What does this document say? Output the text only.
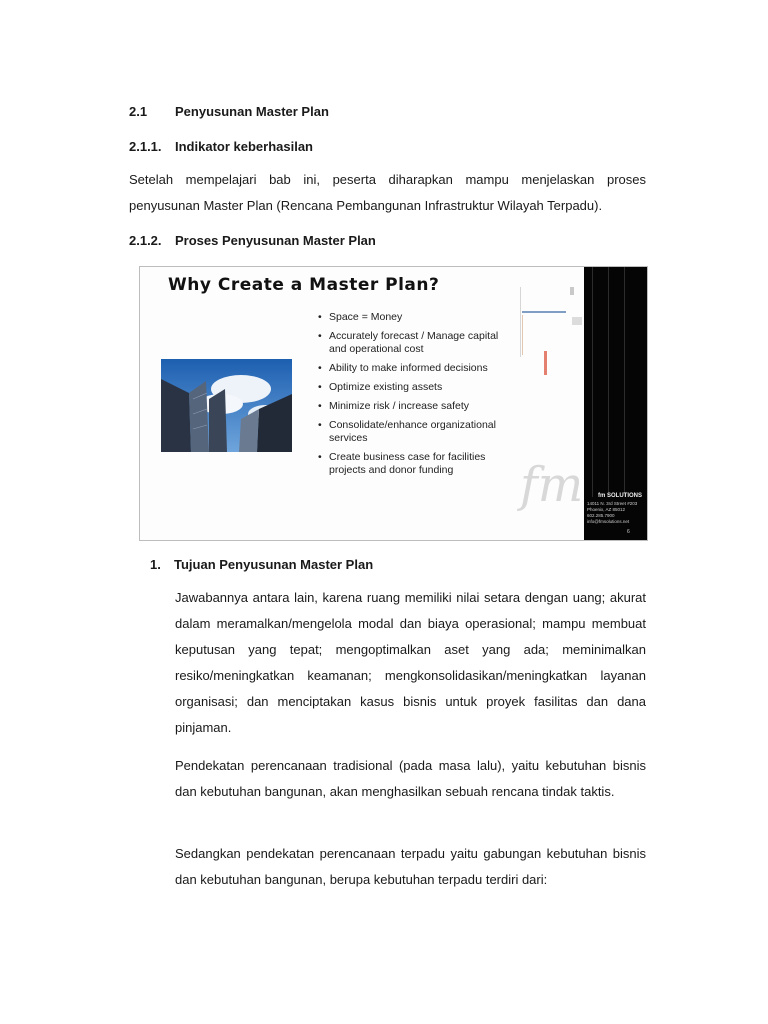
2.1 Penyusunan Master Plan
2.1.1. Indikator keberhasilan
Setelah mempelajari bab ini, peserta diharapkan mampu menjelaskan proses penyusunan Master Plan (Rencana Pembangunan Infrastruktur Wilayah Terpadu).
2.1.2. Proses Penyusunan Master Plan
Why Create a Master Plan?
• Space = Money
• Accurately forecast / Manage capital and operational cost
• Ability to make informed decisions
• Optimize existing assets
• Minimize risk / increase safety
• Consolidate/enhance organizational services
• Create business case for facilities projects and donor funding	fm fm SOLUTIONS
14011 N. 3rd Street #203
Phoenix, AZ 85012
602.285.7900
info@fmsolutions.net
6
1. Tujuan Penyusunan Master Plan
Jawabannya antara lain, karena ruang memiliki nilai setara dengan uang; akurat dalam meramalkan/mengelola modal dan biaya operasional; mampu membuat keputusan yang tepat; mengoptimalkan aset yang ada; meminimalkan resiko/meningkatkan keamanan; mengkonsolidasikan/meningkatkan layanan organisasi; dan menciptakan kasus bisnis untuk proyek fasilitas dan dana pinjaman.
Pendekatan perencanaan tradisional (pada masa lalu), yaitu kebutuhan bisnis dan kebutuhan bangunan, akan menghasilkan sebuah rencana tindak taktis.
Sedangkan pendekatan perencanaan terpadu yaitu gabungan kebutuhan bisnis dan kebutuhan bangunan, berupa kebutuhan terpadu terdiri dari:
